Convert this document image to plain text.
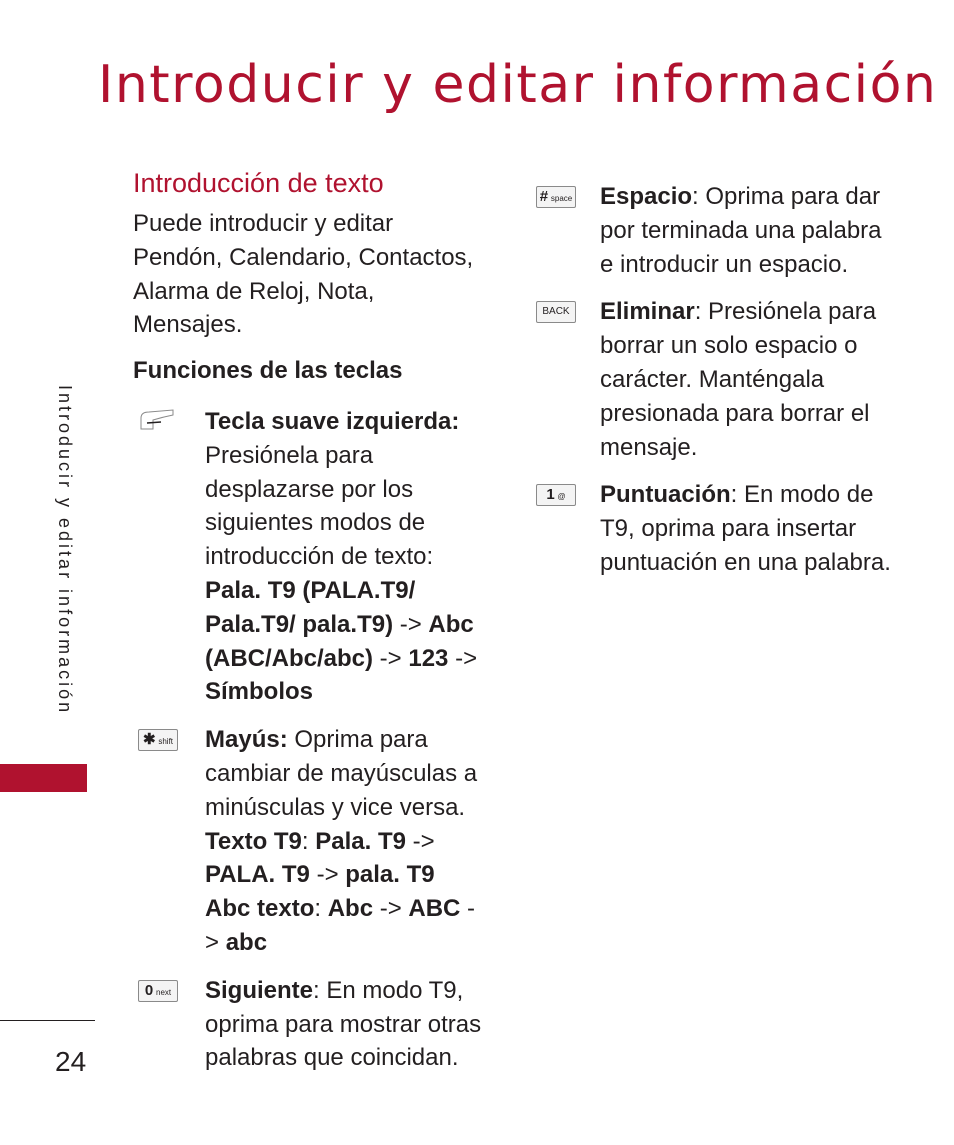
Introducir y editar información
Introducir y editar información
24
Introducción de texto

Puede introducir y editar Pendón, Calendario, Contactos, Alarma de Reloj, Nota, Mensajes.

Funciones de las teclas
Tecla suave izquierda: Presiónela para desplazarse por los siguientes modos de introducción de texto: Pala. T9 (PALA.T9/ Pala.T9/ pala.T9) -> Abc (ABC/Abc/abc) -> 123 -> Símbolos
✱ shift Mayús: Oprima para cambiar de mayúsculas a minúsculas y vice versa.
Texto T9: Pala. T9 -> PALA. T9 -> pala. T9
Abc texto: Abc -> ABC -> abc
0 next Siguiente: En modo T9, oprima para mostrar otras palabras que coincidan.
# space Espacio: Oprima para dar por terminada una palabra e introducir un espacio.
BACK Eliminar: Presiónela para borrar un solo espacio o carácter. Manténgala presionada para borrar el mensaje.
1 @	Puntuación: En modo de T9, oprima para insertar puntuación en una palabra.
